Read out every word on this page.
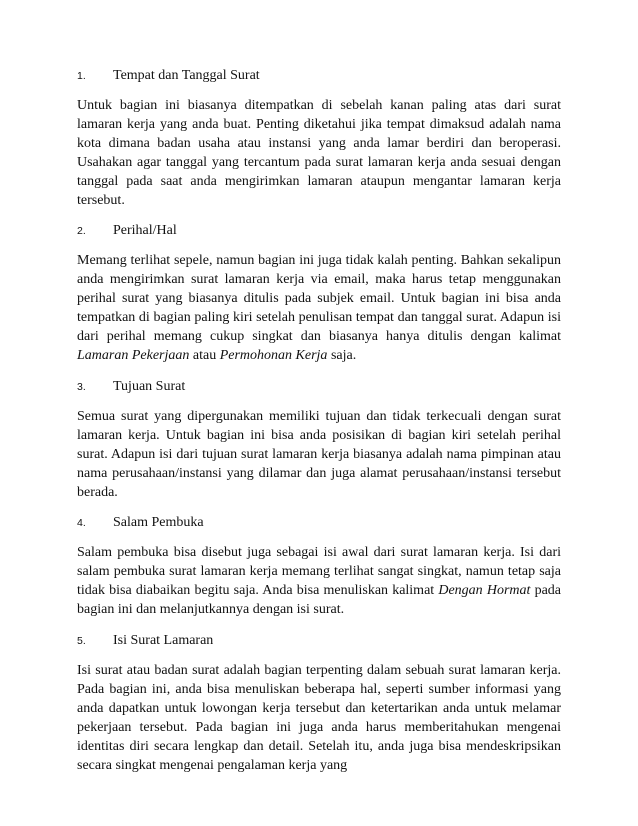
1.	Tempat dan Tanggal Surat

Untuk bagian ini biasanya ditempatkan di sebelah kanan paling atas dari surat lamaran kerja yang anda buat. Penting diketahui jika tempat dimaksud adalah nama kota dimana badan usaha atau instansi yang anda lamar berdiri dan beroperasi. Usahakan agar tanggal yang tercantum pada surat lamaran kerja anda sesuai dengan tanggal pada saat anda mengirimkan lamaran ataupun mengantar lamaran kerja tersebut.

2.	Perihal/Hal

Memang terlihat sepele, namun bagian ini juga tidak kalah penting. Bahkan sekalipun anda mengirimkan surat lamaran kerja via email, maka harus tetap menggunakan perihal surat yang biasanya ditulis pada subjek email. Untuk bagian ini bisa anda tempatkan di bagian paling kiri setelah penulisan tempat dan tanggal surat. Adapun isi dari perihal memang cukup singkat dan biasanya hanya ditulis dengan kalimat Lamaran Pekerjaan atau Permohonan Kerja saja.

3.	Tujuan Surat

Semua surat yang dipergunakan memiliki tujuan dan tidak terkecuali dengan surat lamaran kerja. Untuk bagian ini bisa anda posisikan di bagian kiri setelah perihal surat. Adapun isi dari tujuan surat lamaran kerja biasanya adalah nama pimpinan atau nama perusahaan/instansi yang dilamar dan juga alamat perusahaan/instansi tersebut berada.

4.	Salam Pembuka

Salam pembuka bisa disebut juga sebagai isi awal dari surat lamaran kerja. Isi dari salam pembuka surat lamaran kerja memang terlihat sangat singkat, namun tetap saja tidak bisa diabaikan begitu saja. Anda bisa menuliskan kalimat Dengan Hormat pada bagian ini dan melanjutkannya dengan isi surat.

5.	Isi Surat Lamaran

Isi surat atau badan surat adalah bagian terpenting dalam sebuah surat lamaran kerja. Pada bagian ini, anda bisa menuliskan beberapa hal, seperti sumber informasi yang anda dapatkan untuk lowongan kerja tersebut dan ketertarikan anda untuk melamar pekerjaan tersebut. Pada bagian ini juga anda harus memberitahukan mengenai identitas diri secara lengkap dan detail. Setelah itu, anda juga bisa mendeskripsikan secara singkat mengenai pengalaman kerja yang
